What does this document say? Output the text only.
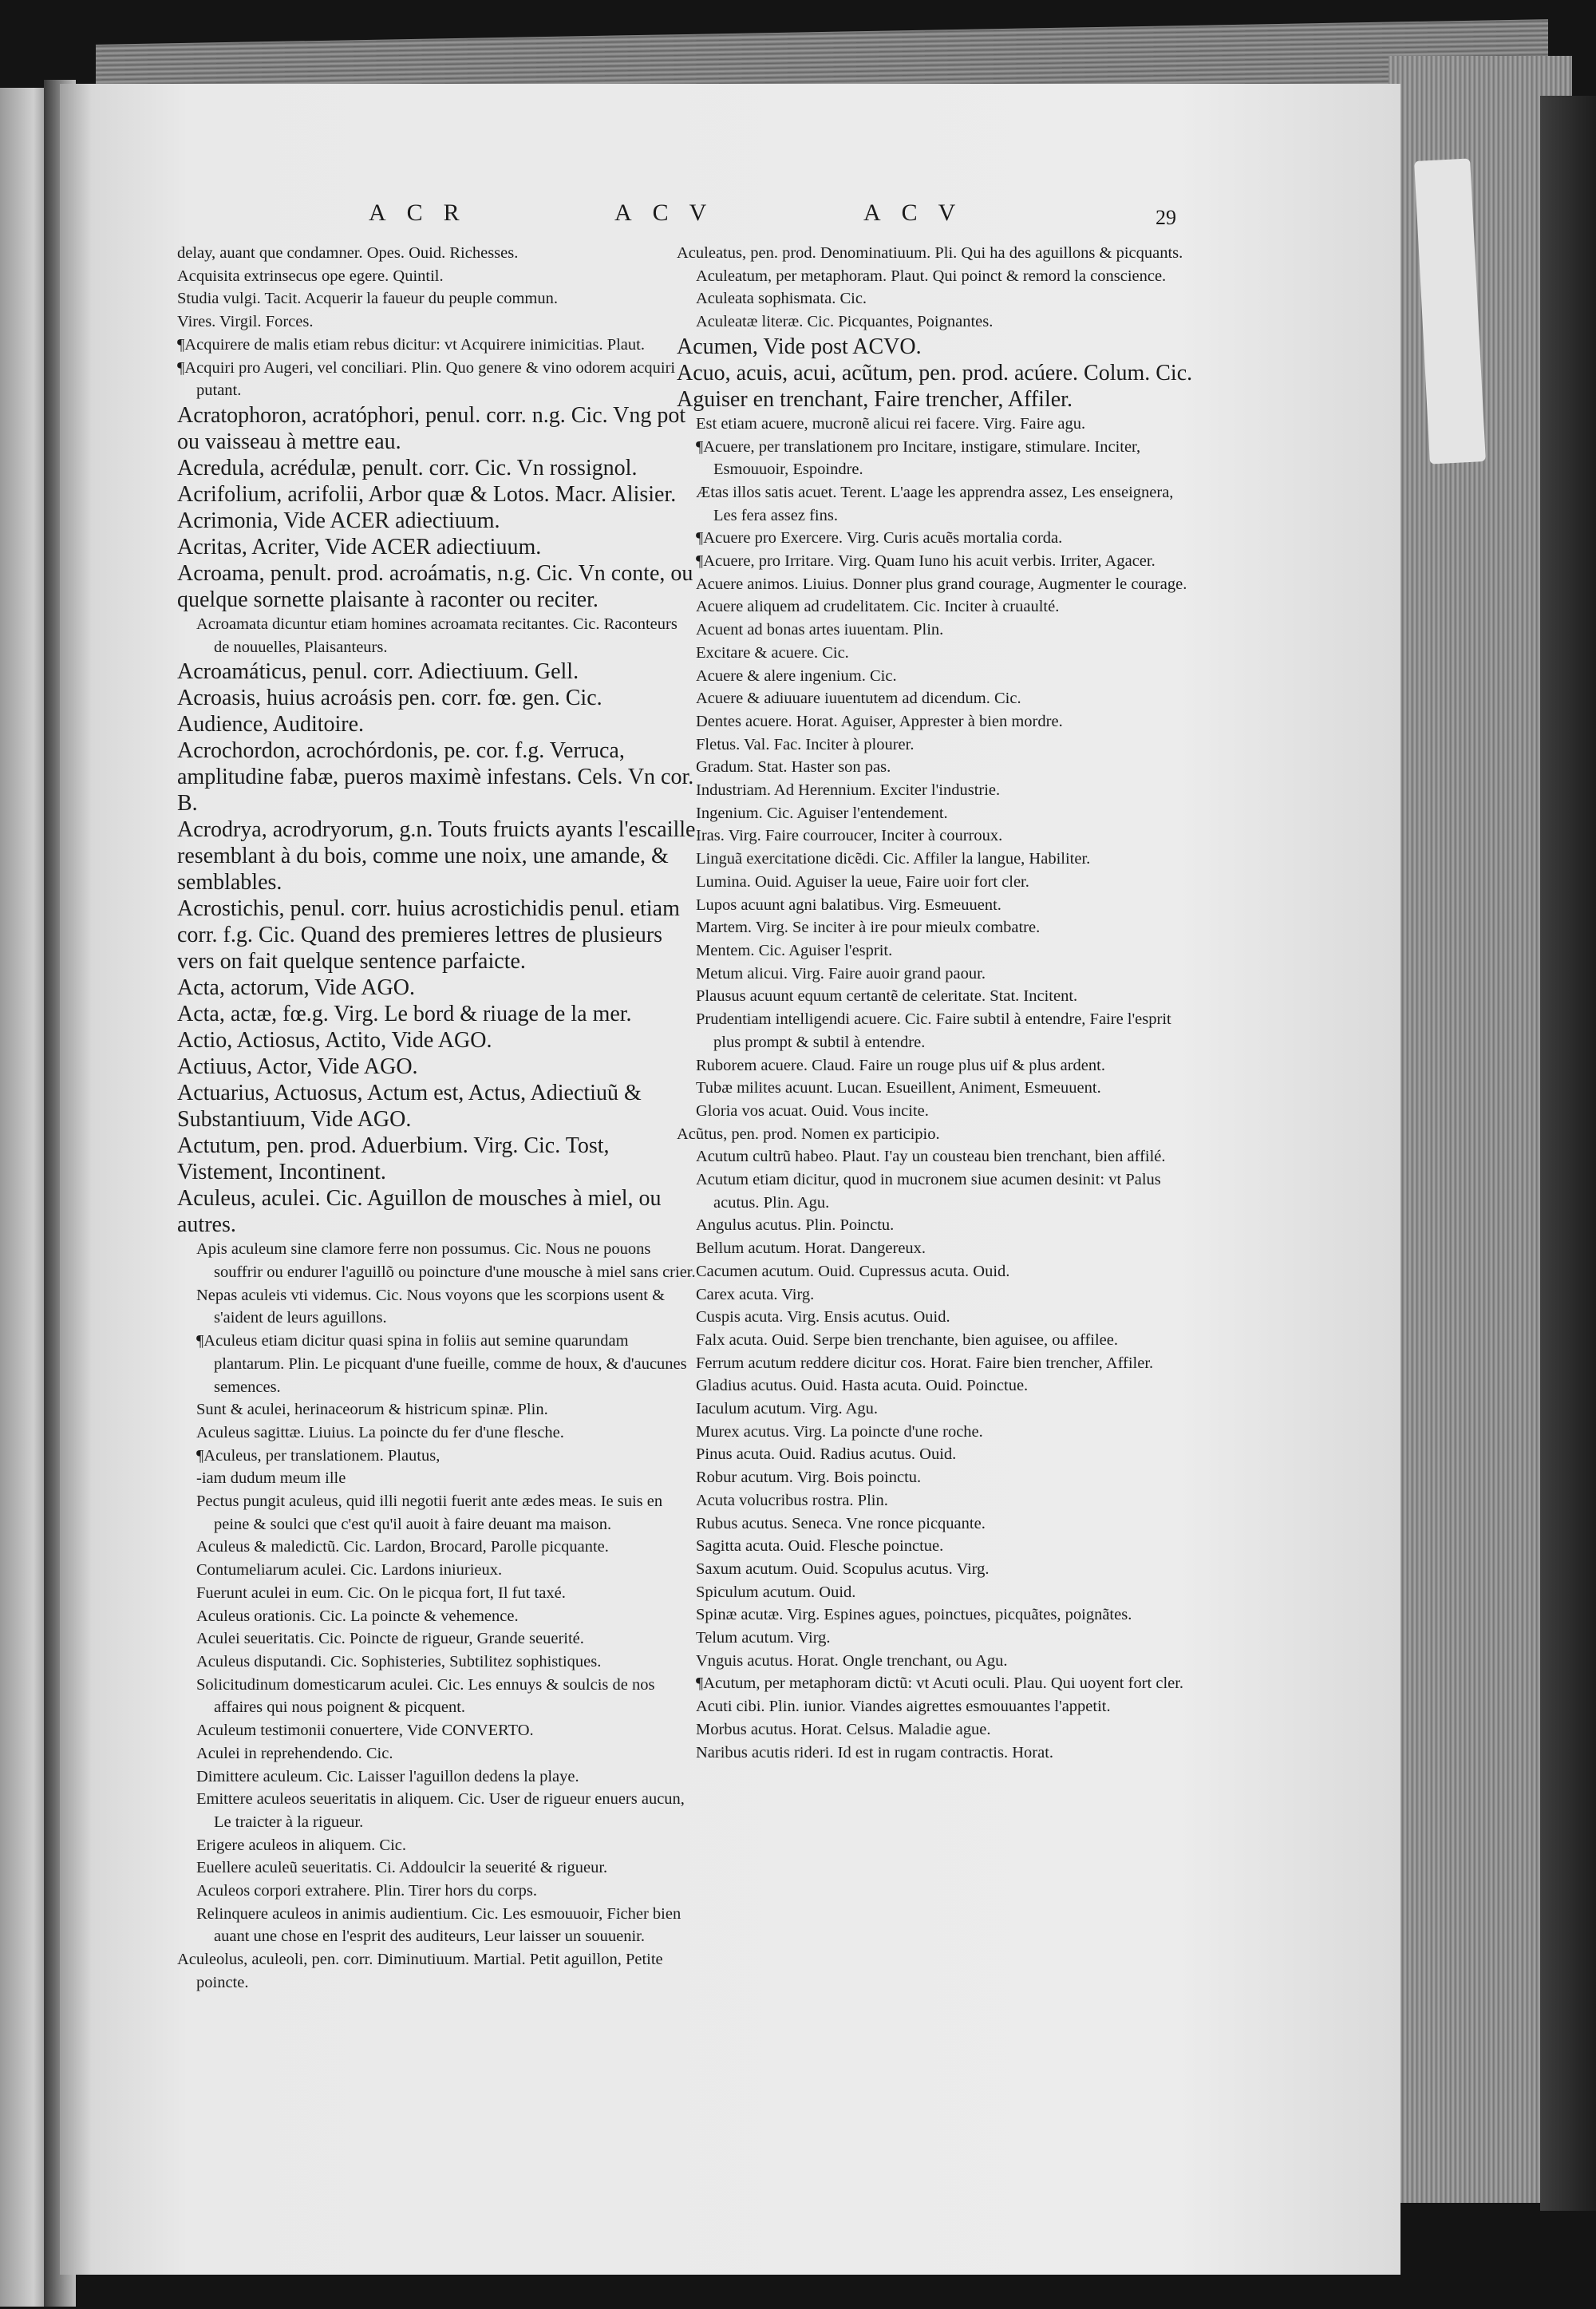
ACR	ACV	ACV	29

delay, auant que condamner. Opes. Ouid. Richesses.

Acquisita extrinsecus ope egere. Quintil.

Studia vulgi. Tacit. Acquerir la faueur du peuple commun.

Vires. Virgil. Forces.

¶Acquirere de malis etiam rebus dicitur: vt Acquirere inimicitias. Plaut.

¶Acquiri pro Augeri, vel conciliari. Plin. Quo genere & vino odorem acquiri putant.

Acratophoron, acratóphori, penul. corr. n.g. Cic. Vng pot ou vaisseau à mettre eau.

Acredula, acrédulæ, penult. corr. Cic. Vn rossignol.

Acrifolium, acrifolii, Arbor quæ & Lotos. Macr. Alisier.

Acrimonia, Vide ACER adiectiuum.

Acritas, Acriter, Vide ACER adiectiuum.

Acroama, penult. prod. acroámatis, n.g. Cic. Vn conte, ou quelque sornette plaisante à raconter ou reciter.

Acroamata dicuntur etiam homines acroamata recitantes. Cic. Raconteurs de nouuelles, Plaisanteurs.

Acroamáticus, penul. corr. Adiectiuum. Gell.

Acroasis, huius acroásis pen. corr. fœ. gen. Cic. Audience, Auditoire.

Acrochordon, acrochórdonis, pe. cor. f.g. Verruca, amplitudine fabæ, pueros maximè infestans. Cels. Vn cor. B.

Acrodrya, acrodryorum, g.n. Touts fruicts ayants l'escaille resemblant à du bois, comme une noix, une amande, & semblables.

Acrostichis, penul. corr. huius acrostichidis penul. etiam corr. f.g. Cic. Quand des premieres lettres de plusieurs vers on fait quelque sentence parfaicte.

Acta, actorum, Vide AGO.

Acta, actæ, fœ.g. Virg. Le bord & riuage de la mer.

Actio, Actiosus, Actito, Vide AGO.

Actiuus, Actor, Vide AGO.

Actuarius, Actuosus, Actum est, Actus, Adiectiuũ & Substantiuum, Vide AGO.

Actutum, pen. prod. Aduerbium. Virg. Cic. Tost, Vistement, Incontinent.

Aculeus, aculei. Cic. Aguillon de mousches à miel, ou autres.

Apis aculeum sine clamore ferre non possumus. Cic. Nous ne pouons souffrir ou endurer l'aguillõ ou poincture d'une mousche à miel sans crier.

Nepas aculeis vti videmus. Cic. Nous voyons que les scorpions usent & s'aident de leurs aguillons.

¶Aculeus etiam dicitur quasi spina in foliis aut semine quarundam plantarum. Plin. Le picquant d'une fueille, comme de houx, & d'aucunes semences.

Sunt & aculei, herinaceorum & histricum spinæ. Plin.

Aculeus sagittæ. Liuius. La poincte du fer d'une flesche.

¶Aculeus, per translationem. Plautus,

-iam dudum meum ille

Pectus pungit aculeus, quid illi negotii fuerit ante ædes meas. Ie suis en peine & soulci que c'est qu'il auoit à faire deuant ma maison.

Aculeus & maledictũ. Cic. Lardon, Brocard, Parolle picquante.

Contumeliarum aculei. Cic. Lardons iniurieux.

Fuerunt aculei in eum. Cic. On le picqua fort, Il fut taxé.

Aculeus orationis. Cic. La poincte & vehemence.

Aculei seueritatis. Cic. Poincte de rigueur, Grande seuerité.

Aculeus disputandi. Cic. Sophisteries, Subtilitez sophistiques.

Solicitudinum domesticarum aculei. Cic. Les ennuys & soulcis de nos affaires qui nous poignent & picquent.

Aculeum testimonii conuertere, Vide CONVERTO.

Aculei in reprehendendo. Cic.

Dimittere aculeum. Cic. Laisser l'aguillon dedens la playe.

Emittere aculeos seueritatis in aliquem. Cic. User de rigueur enuers aucun, Le traicter à la rigueur.

Erigere aculeos in aliquem. Cic.

Euellere aculeũ seueritatis. Ci. Addoulcir la seuerité & rigueur.

Aculeos corpori extrahere. Plin. Tirer hors du corps.

Relinquere aculeos in animis audientium. Cic. Les esmouuoir, Ficher bien auant une chose en l'esprit des auditeurs, Leur laisser un souuenir.

Aculeolus, aculeoli, pen. corr. Diminutiuum. Martial. Petit aguillon, Petite poincte.

Aculeatus, pen. prod. Denominatiuum. Pli. Qui ha des aguillons & picquants.

Aculeatum, per metaphoram. Plaut. Qui poinct & remord la conscience.

Aculeata sophismata. Cic.

Aculeatæ literæ. Cic. Picquantes, Poignantes.

Acumen, Vide post ACVO.

Acuo, acuis, acui, acũtum, pen. prod. acúere. Colum. Cic. Aguiser en trenchant, Faire trencher, Affiler.

Est etiam acuere, mucronẽ alicui rei facere. Virg. Faire agu.

¶Acuere, per translationem pro Incitare, instigare, stimulare. Inciter, Esmouuoir, Espoindre.

Ætas illos satis acuet. Terent. L'aage les apprendra assez, Les enseignera, Les fera assez fins.

¶Acuere pro Exercere. Virg. Curis acuẽs mortalia corda.

¶Acuere, pro Irritare. Virg. Quam Iuno his acuit verbis. Irriter, Agacer.

Acuere animos. Liuius. Donner plus grand courage, Augmenter le courage.

Acuere aliquem ad crudelitatem. Cic. Inciter à cruaulté.

Acuent ad bonas artes iuuentam. Plin.

Excitare & acuere. Cic.

Acuere & alere ingenium. Cic.

Acuere & adiuuare iuuentutem ad dicendum. Cic.

Dentes acuere. Horat. Aguiser, Apprester à bien mordre.

Fletus. Val. Fac. Inciter à plourer.

Gradum. Stat. Haster son pas.

Industriam. Ad Herennium. Exciter l'industrie.

Ingenium. Cic. Aguiser l'entendement.

Iras. Virg. Faire courroucer, Inciter à courroux.

Linguã exercitatione dicẽdi. Cic. Affiler la langue, Habiliter.

Lumina. Ouid. Aguiser la ueue, Faire uoir fort cler.

Lupos acuunt agni balatibus. Virg. Esmeuuent.

Martem. Virg. Se inciter à ire pour mieulx combatre.

Mentem. Cic. Aguiser l'esprit.

Metum alicui. Virg. Faire auoir grand paour.

Plausus acuunt equum certantẽ de celeritate. Stat. Incitent.

Prudentiam intelligendi acuere. Cic. Faire subtil à entendre, Faire l'esprit plus prompt & subtil à entendre.

Ruborem acuere. Claud. Faire un rouge plus uif & plus ardent.

Tubæ milites acuunt. Lucan. Esueillent, Animent, Esmeuuent.

Gloria vos acuat. Ouid. Vous incite.

Acũtus, pen. prod. Nomen ex participio.

Acutum cultrũ habeo. Plaut. I'ay un cousteau bien trenchant, bien affilé.

Acutum etiam dicitur, quod in mucronem siue acumen desinit: vt Palus acutus. Plin. Agu.

Angulus acutus. Plin. Poinctu.

Bellum acutum. Horat. Dangereux.

Cacumen acutum. Ouid. Cupressus acuta. Ouid.

Carex acuta. Virg.

Cuspis acuta. Virg. Ensis acutus. Ouid.

Falx acuta. Ouid. Serpe bien trenchante, bien aguisee, ou affilee.

Ferrum acutum reddere dicitur cos. Horat. Faire bien trencher, Affiler.

Gladius acutus. Ouid. Hasta acuta. Ouid. Poinctue.

Iaculum acutum. Virg. Agu.

Murex acutus. Virg. La poincte d'une roche.

Pinus acuta. Ouid. Radius acutus. Ouid.

Robur acutum. Virg. Bois poinctu.

Acuta volucribus rostra. Plin.

Rubus acutus. Seneca. Vne ronce picquante.

Sagitta acuta. Ouid. Flesche poinctue.

Saxum acutum. Ouid. Scopulus acutus. Virg.

Spiculum acutum. Ouid.

Spinæ acutæ. Virg. Espines agues, poinctues, picquãtes, poignãtes.

Telum acutum. Virg.

Vnguis acutus. Horat. Ongle trenchant, ou Agu.

¶Acutum, per metaphoram dictũ: vt Acuti oculi. Plau. Qui uoyent fort cler.

Acuti cibi. Plin. iunior. Viandes aigrettes esmouuantes l'appetit.

Morbus acutus. Horat. Celsus. Maladie ague.

Naribus acutis rideri. Id est in rugam contractis. Horat.
